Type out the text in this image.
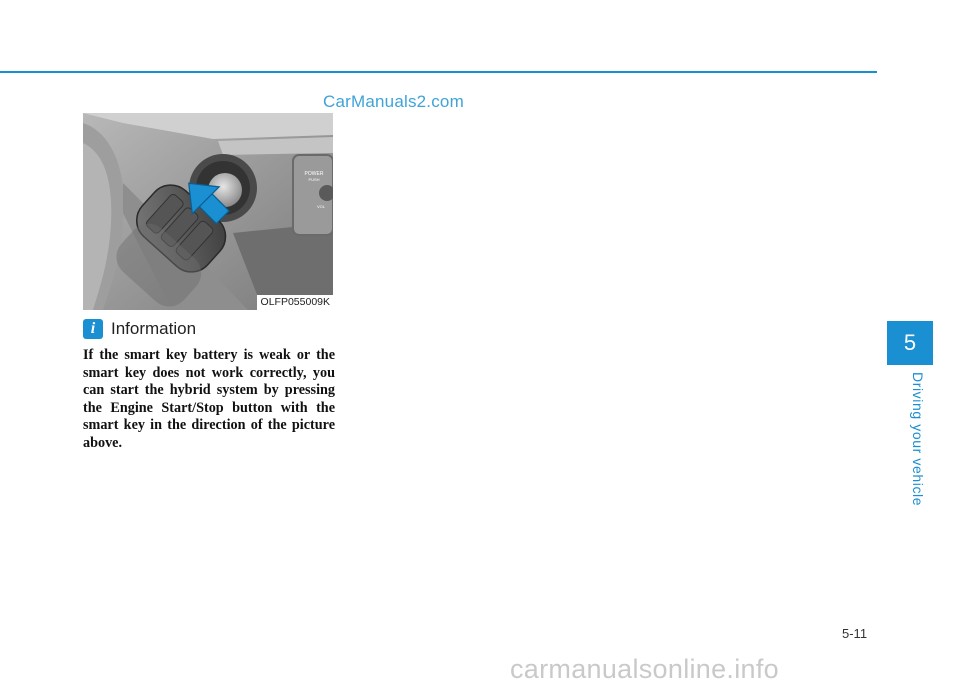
CarManuals2.com
POWER
PUSH
VOL
OLFP055009K
i Information

If the smart key battery is weak or the smart key does not work correctly, you can start the hybrid system by pressing the Engine Start/Stop button with the smart key in the direction of the picture above.

5
Driving your vehicle
5-11
carmanualsonline.info
